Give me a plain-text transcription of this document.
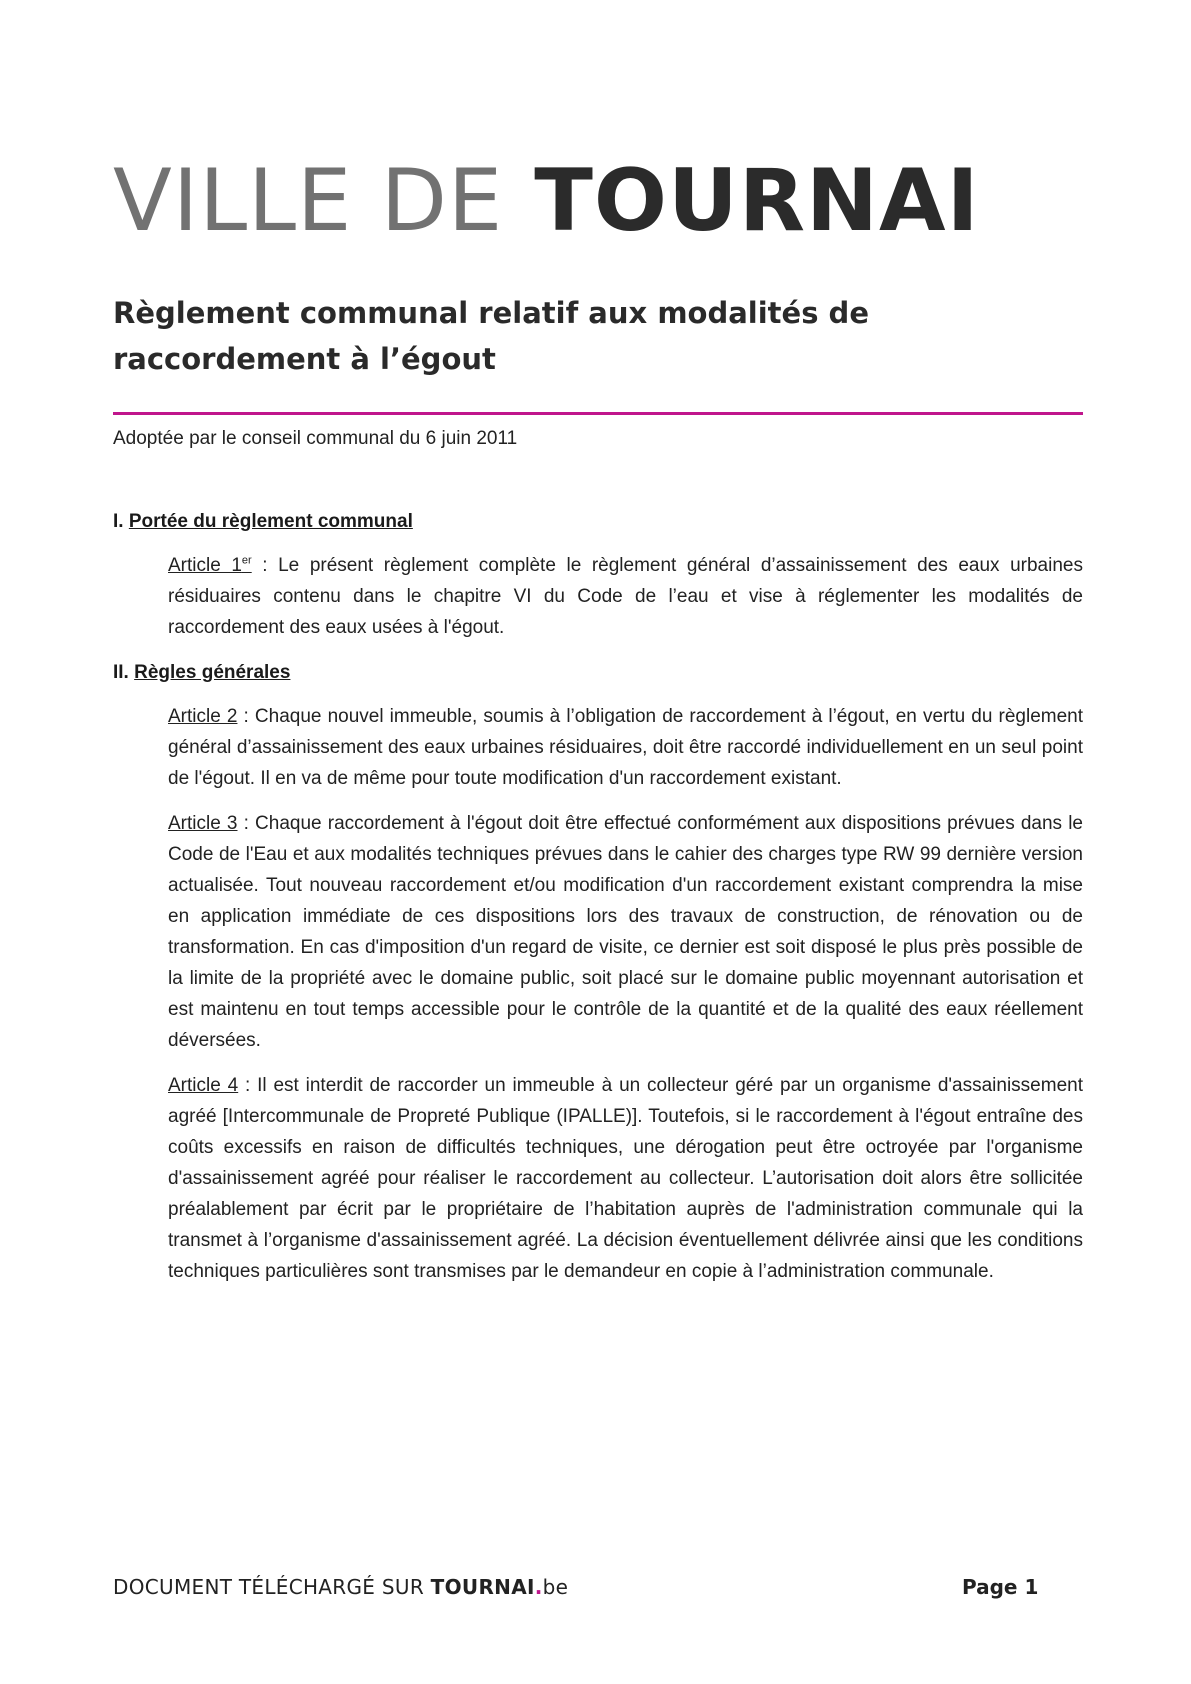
VILLE DE TOURNAI
Règlement communal relatif aux modalités de raccordement à l’égout

Adoptée par le conseil communal du 6 juin 2011

I. Portée du règlement communal

Article 1er : Le présent règlement complète le règlement général d’assainissement des eaux urbaines résiduaires contenu dans le chapitre VI du Code de l’eau et vise à réglementer les modalités de raccordement des eaux usées à l'égout.

II. Règles générales

Article 2 : Chaque nouvel immeuble, soumis à l’obligation de raccordement à l’égout, en vertu du règlement général d’assainissement des eaux urbaines résiduaires, doit être raccordé individuellement en un seul point de l'égout. Il en va de même pour toute modification d'un raccordement existant.

Article 3 : Chaque raccordement à l'égout doit être effectué conformément aux dispositions prévues dans le Code de l'Eau et aux modalités techniques prévues dans le cahier des charges type RW 99 dernière version actualisée. Tout nouveau raccordement et/ou modification d'un raccordement existant comprendra la mise en application immédiate de ces dispositions lors des travaux de construction, de rénovation ou de transformation. En cas d'imposition d'un regard de visite, ce dernier est soit disposé le plus près possible de la limite de la propriété avec le domaine public, soit placé sur le domaine public moyennant autorisation et est maintenu en tout temps accessible pour le contrôle de la quantité et de la qualité des eaux réellement déversées.

Article 4 : Il est interdit de raccorder un immeuble à un collecteur géré par un organisme d'assainissement agréé [Intercommunale de Propreté Publique (IPALLE)]. Toutefois, si le raccordement à l'égout entraîne des coûts excessifs en raison de difficultés techniques, une dérogation peut être octroyée par l'organisme d'assainissement agréé pour réaliser le raccordement au collecteur. L’autorisation doit alors être sollicitée préalablement par écrit par le propriétaire de l’habitation auprès de l'administration communale qui la transmet à l’organisme d'assainissement agréé. La décision éventuellement délivrée ainsi que les conditions techniques particulières sont transmises par le demandeur en copie à l’administration communale.

DOCUMENT TÉLÉCHARGÉ SUR TOURNAI.be	Page 1
